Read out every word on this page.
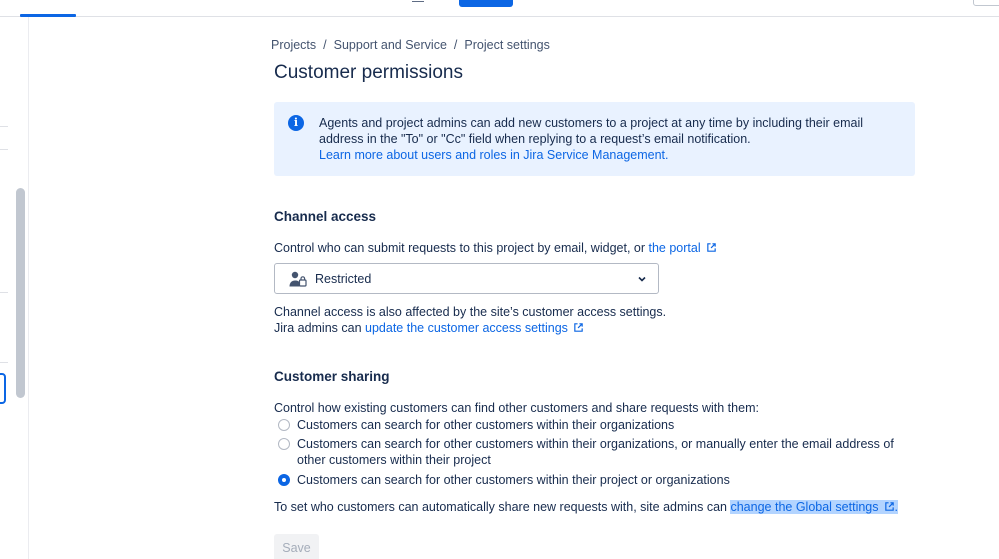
Projects / Support and Service / Project settings
Customer permissions
i	Agents and project admins can add new customers to a project at any time by including their email address in the "To" or "Cc" field when replying to a request’s email notification.
Learn more about users and roles in Jira Service Management.
Channel access
Control who can submit requests to this project by email, widget, or the portal
Restricted
Channel access is also affected by the site’s customer access settings.
Jira admins can update the customer access settings
Customer sharing
Control how existing customers can find other customers and share requests with them:
Customers can search for other customers within their organizations
Customers can search for other customers within their organizations, or manually enter the email address of other customers within their project
Customers can search for other customers within their project or organizations
To set who customers can automatically share new requests with, site admins can change the Global settings .
Save
